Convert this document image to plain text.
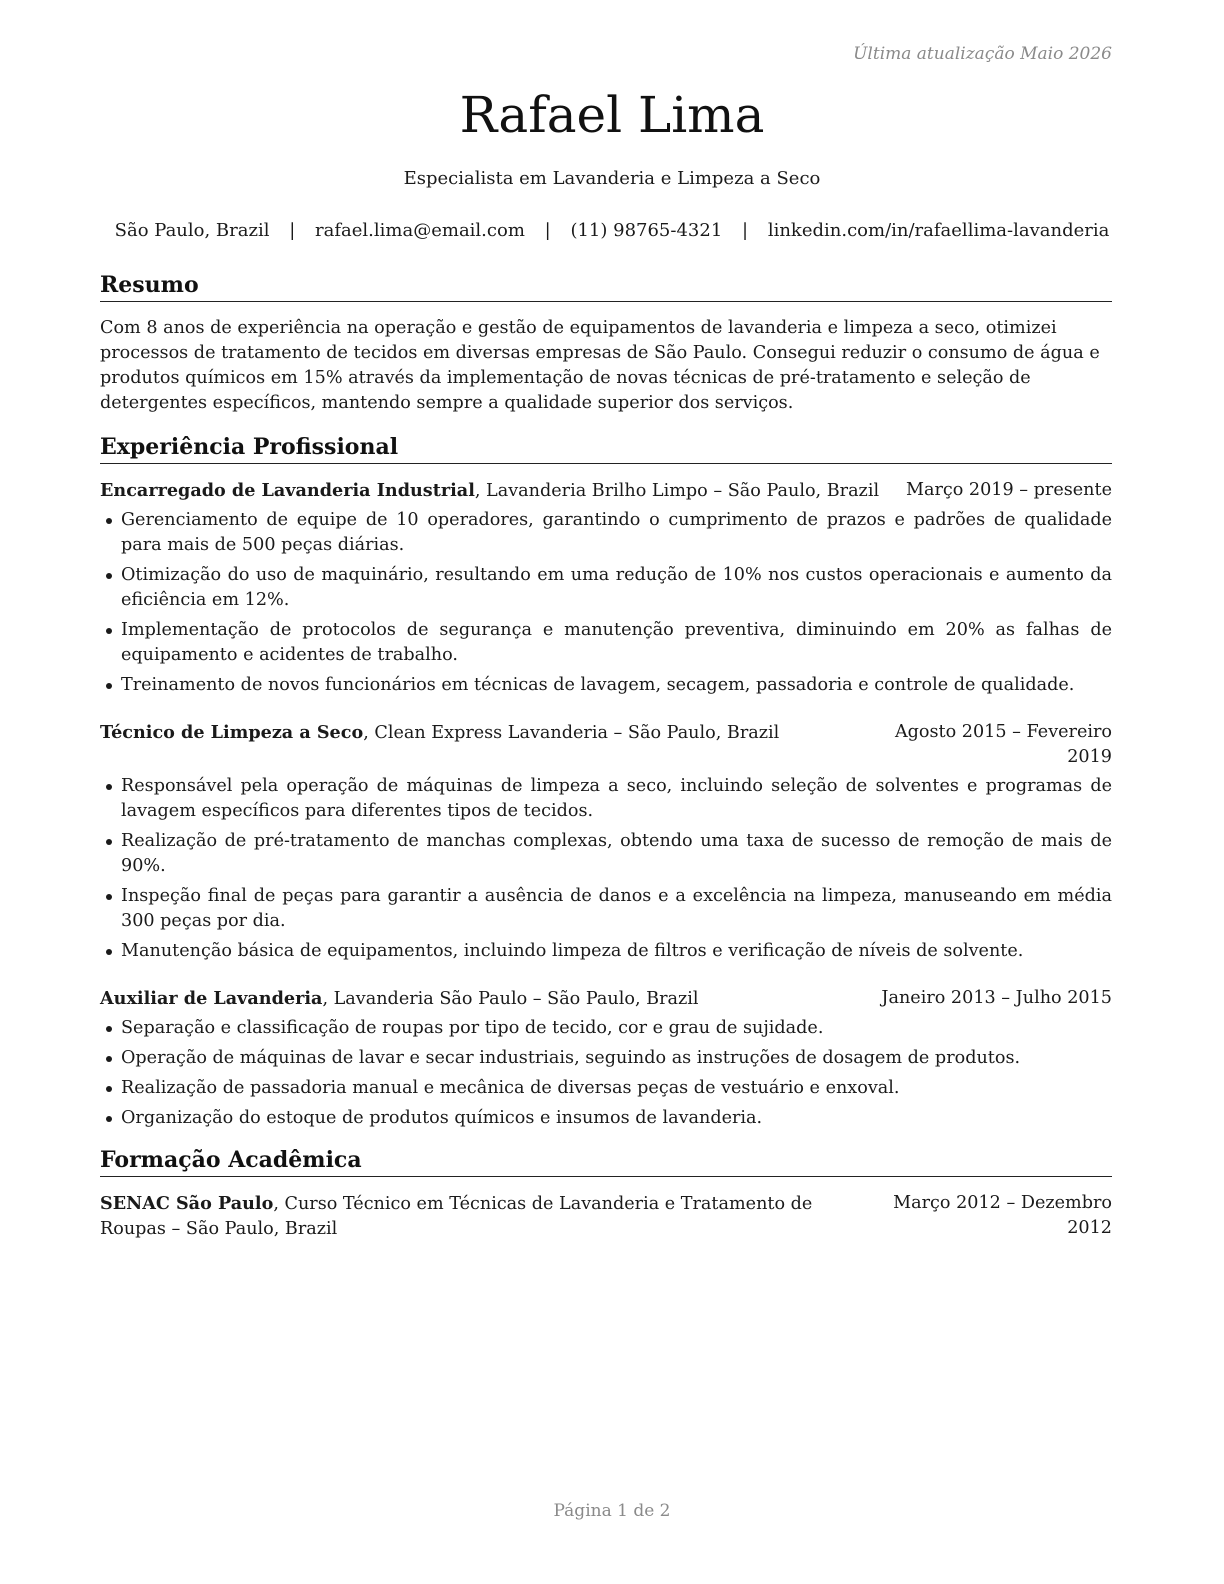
Última atualização Maio 2026
Rafael Lima
Especialista em Lavanderia e Limpeza a Seco
São Paulo, Brazil | rafael.lima@email.com | (11) 98765-4321 | linkedin.com/in/rafaellima-lavanderia
Resumo

Com 8 anos de experiência na operação e gestão de equipamentos de lavanderia e limpeza a seco, otimizei processos de tratamento de tecidos em diversas empresas de São Paulo. Consegui reduzir o consumo de água e produtos químicos em 15% através da implementação de novas técnicas de pré-tratamento e seleção de detergentes específicos, mantendo sempre a qualidade superior dos serviços.

Experiência Profissional
Encarregado de Lavanderia Industrial, Lavanderia Brilho Limpo – São Paulo, Brazil	Março 2019 – presente
Gerenciamento de equipe de 10 operadores, garantindo o cumprimento de prazos e padrões de qualidade para mais de 500 peças diárias.
Otimização do uso de maquinário, resultando em uma redução de 10% nos custos operacionais e aumento da eficiência em 12%.
Implementação de protocolos de segurança e manutenção preventiva, diminuindo em 20% as falhas de equipamento e acidentes de trabalho.
Treinamento de novos funcionários em técnicas de lavagem, secagem, passadoria e controle de qualidade.
Técnico de Limpeza a Seco, Clean Express Lavanderia – São Paulo, Brazil	Agosto 2015 – Fevereiro 2019
Responsável pela operação de máquinas de limpeza a seco, incluindo seleção de solventes e programas de lavagem específicos para diferentes tipos de tecidos.
Realização de pré-tratamento de manchas complexas, obtendo uma taxa de sucesso de remoção de mais de 90%.
Inspeção final de peças para garantir a ausência de danos e a excelência na limpeza, manuseando em média 300 peças por dia.
Manutenção básica de equipamentos, incluindo limpeza de filtros e verificação de níveis de solvente.
Auxiliar de Lavanderia, Lavanderia São Paulo – São Paulo, Brazil	Janeiro 2013 – Julho 2015
Separação e classificação de roupas por tipo de tecido, cor e grau de sujidade.
Operação de máquinas de lavar e secar industriais, seguindo as instruções de dosagem de produtos.
Realização de passadoria manual e mecânica de diversas peças de vestuário e enxoval.
Organização do estoque de produtos químicos e insumos de lavanderia.
Formação Acadêmica
SENAC São Paulo, Curso Técnico em Técnicas de Lavanderia e Tratamento de Roupas – São Paulo, Brazil
Março 2012 – Dezembro 2012
Página 1 de 2
